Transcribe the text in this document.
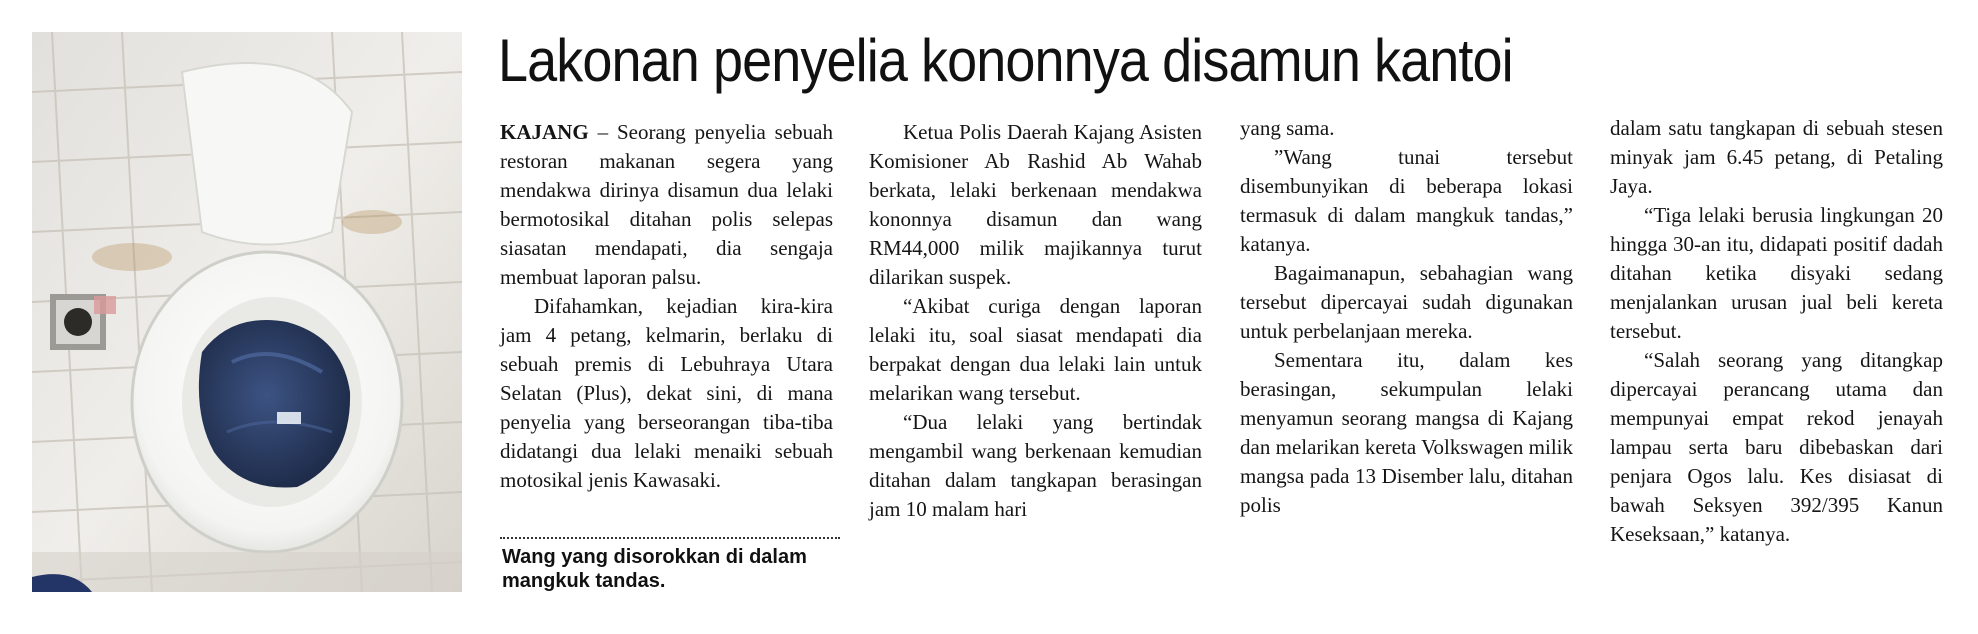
Lakonan penyelia kononnya disamun kantoi

KAJANG – Seorang penyelia sebuah restoran makanan segera yang mendakwa dirinya disamun dua lelaki bermotosikal ditahan polis selepas siasatan mendapati, dia sengaja membuat laporan palsu.

Difahamkan, kejadian kira-kira jam 4 petang, kelmarin, berlaku di sebuah premis di Lebuhraya Utara Selatan (Plus), dekat sini, di mana penyelia yang berseorangan tiba-tiba didatangi dua lelaki menaiki sebuah motosikal jenis Kawasaki.

Wang yang disorokkan di dalam mangkuk tandas.

Ketua Polis Daerah Kajang Asisten Komisioner Ab Rashid Ab Wahab berkata, lelaki berkenaan mendakwa kononnya disamun dan wang RM44,000 milik majikannya turut dilarikan suspek.

“Akibat curiga dengan laporan lelaki itu, soal siasat mendapati dia berpakat dengan dua lelaki lain untuk melarikan wang tersebut.

“Dua lelaki yang bertindak mengambil wang berkenaan kemudian ditahan dalam tangkapan berasingan jam 10 malam hari

yang sama.

”Wang tunai tersebut disembunyikan di beberapa lokasi termasuk di dalam mangkuk tandas,” katanya.

Bagaimanapun, sebahagian wang tersebut dipercayai sudah digunakan untuk perbelanjaan mereka.

Sementara itu, dalam kes berasingan, sekumpulan lelaki menyamun seorang mangsa di Kajang dan melarikan kereta Volkswagen milik mangsa pada 13 Disember lalu, ditahan polis

dalam satu tangkapan di sebuah stesen minyak jam 6.45 petang, di Petaling Jaya.

“Tiga lelaki berusia lingkungan 20 hingga 30-an itu, didapati positif dadah ditahan ketika disyaki sedang menjalankan urusan jual beli kereta tersebut.

“Salah seorang yang ditangkap dipercayai perancang utama dan mempunyai empat rekod jenayah lampau serta baru dibebaskan dari penjara Ogos lalu. Kes disiasat di bawah Seksyen 392/395 Kanun Keseksaan,” katanya.
